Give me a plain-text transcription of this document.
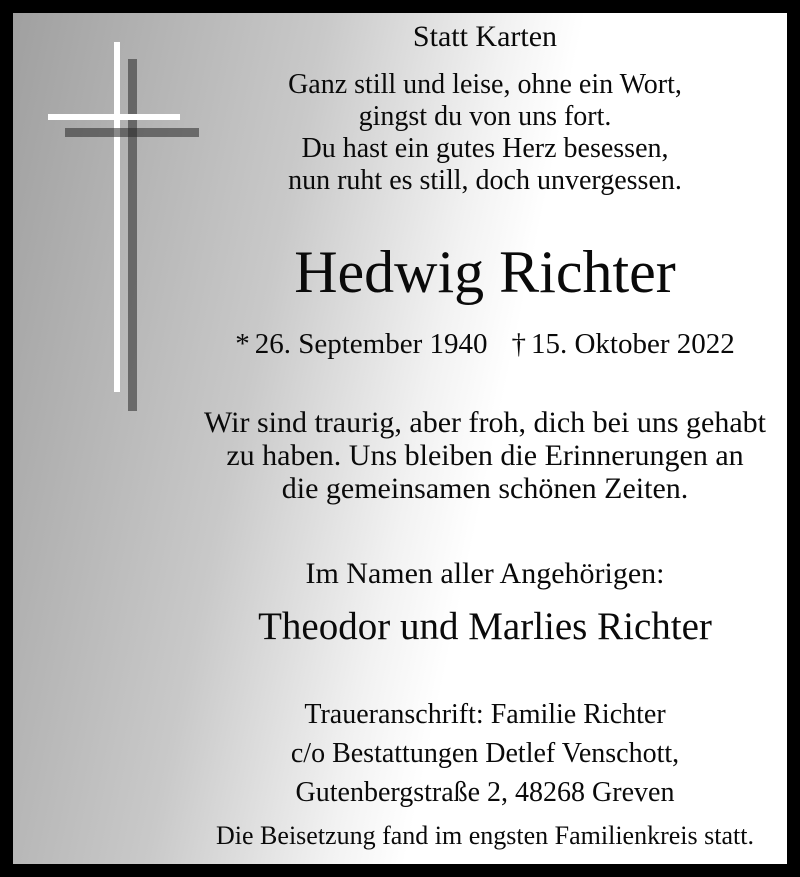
Statt Karten
Ganz still und leise, ohne ein Wort,
gingst du von uns fort.
Du hast ein gutes Herz besessen,
nun ruht es still, doch unvergessen.
Hedwig Richter
* 26. September 1940 † 15. Oktober 2022
Wir sind traurig, aber froh, dich bei uns gehabt
zu haben. Uns bleiben die Erinnerungen an
die gemeinsamen schönen Zeiten.
Im Namen aller Angehörigen:
Theodor und Marlies Richter
Traueranschrift: Familie Richter
c/o Bestattungen Detlef Venschott,
Gutenbergstraße 2, 48268 Greven
Die Beisetzung fand im engsten Familienkreis statt.
